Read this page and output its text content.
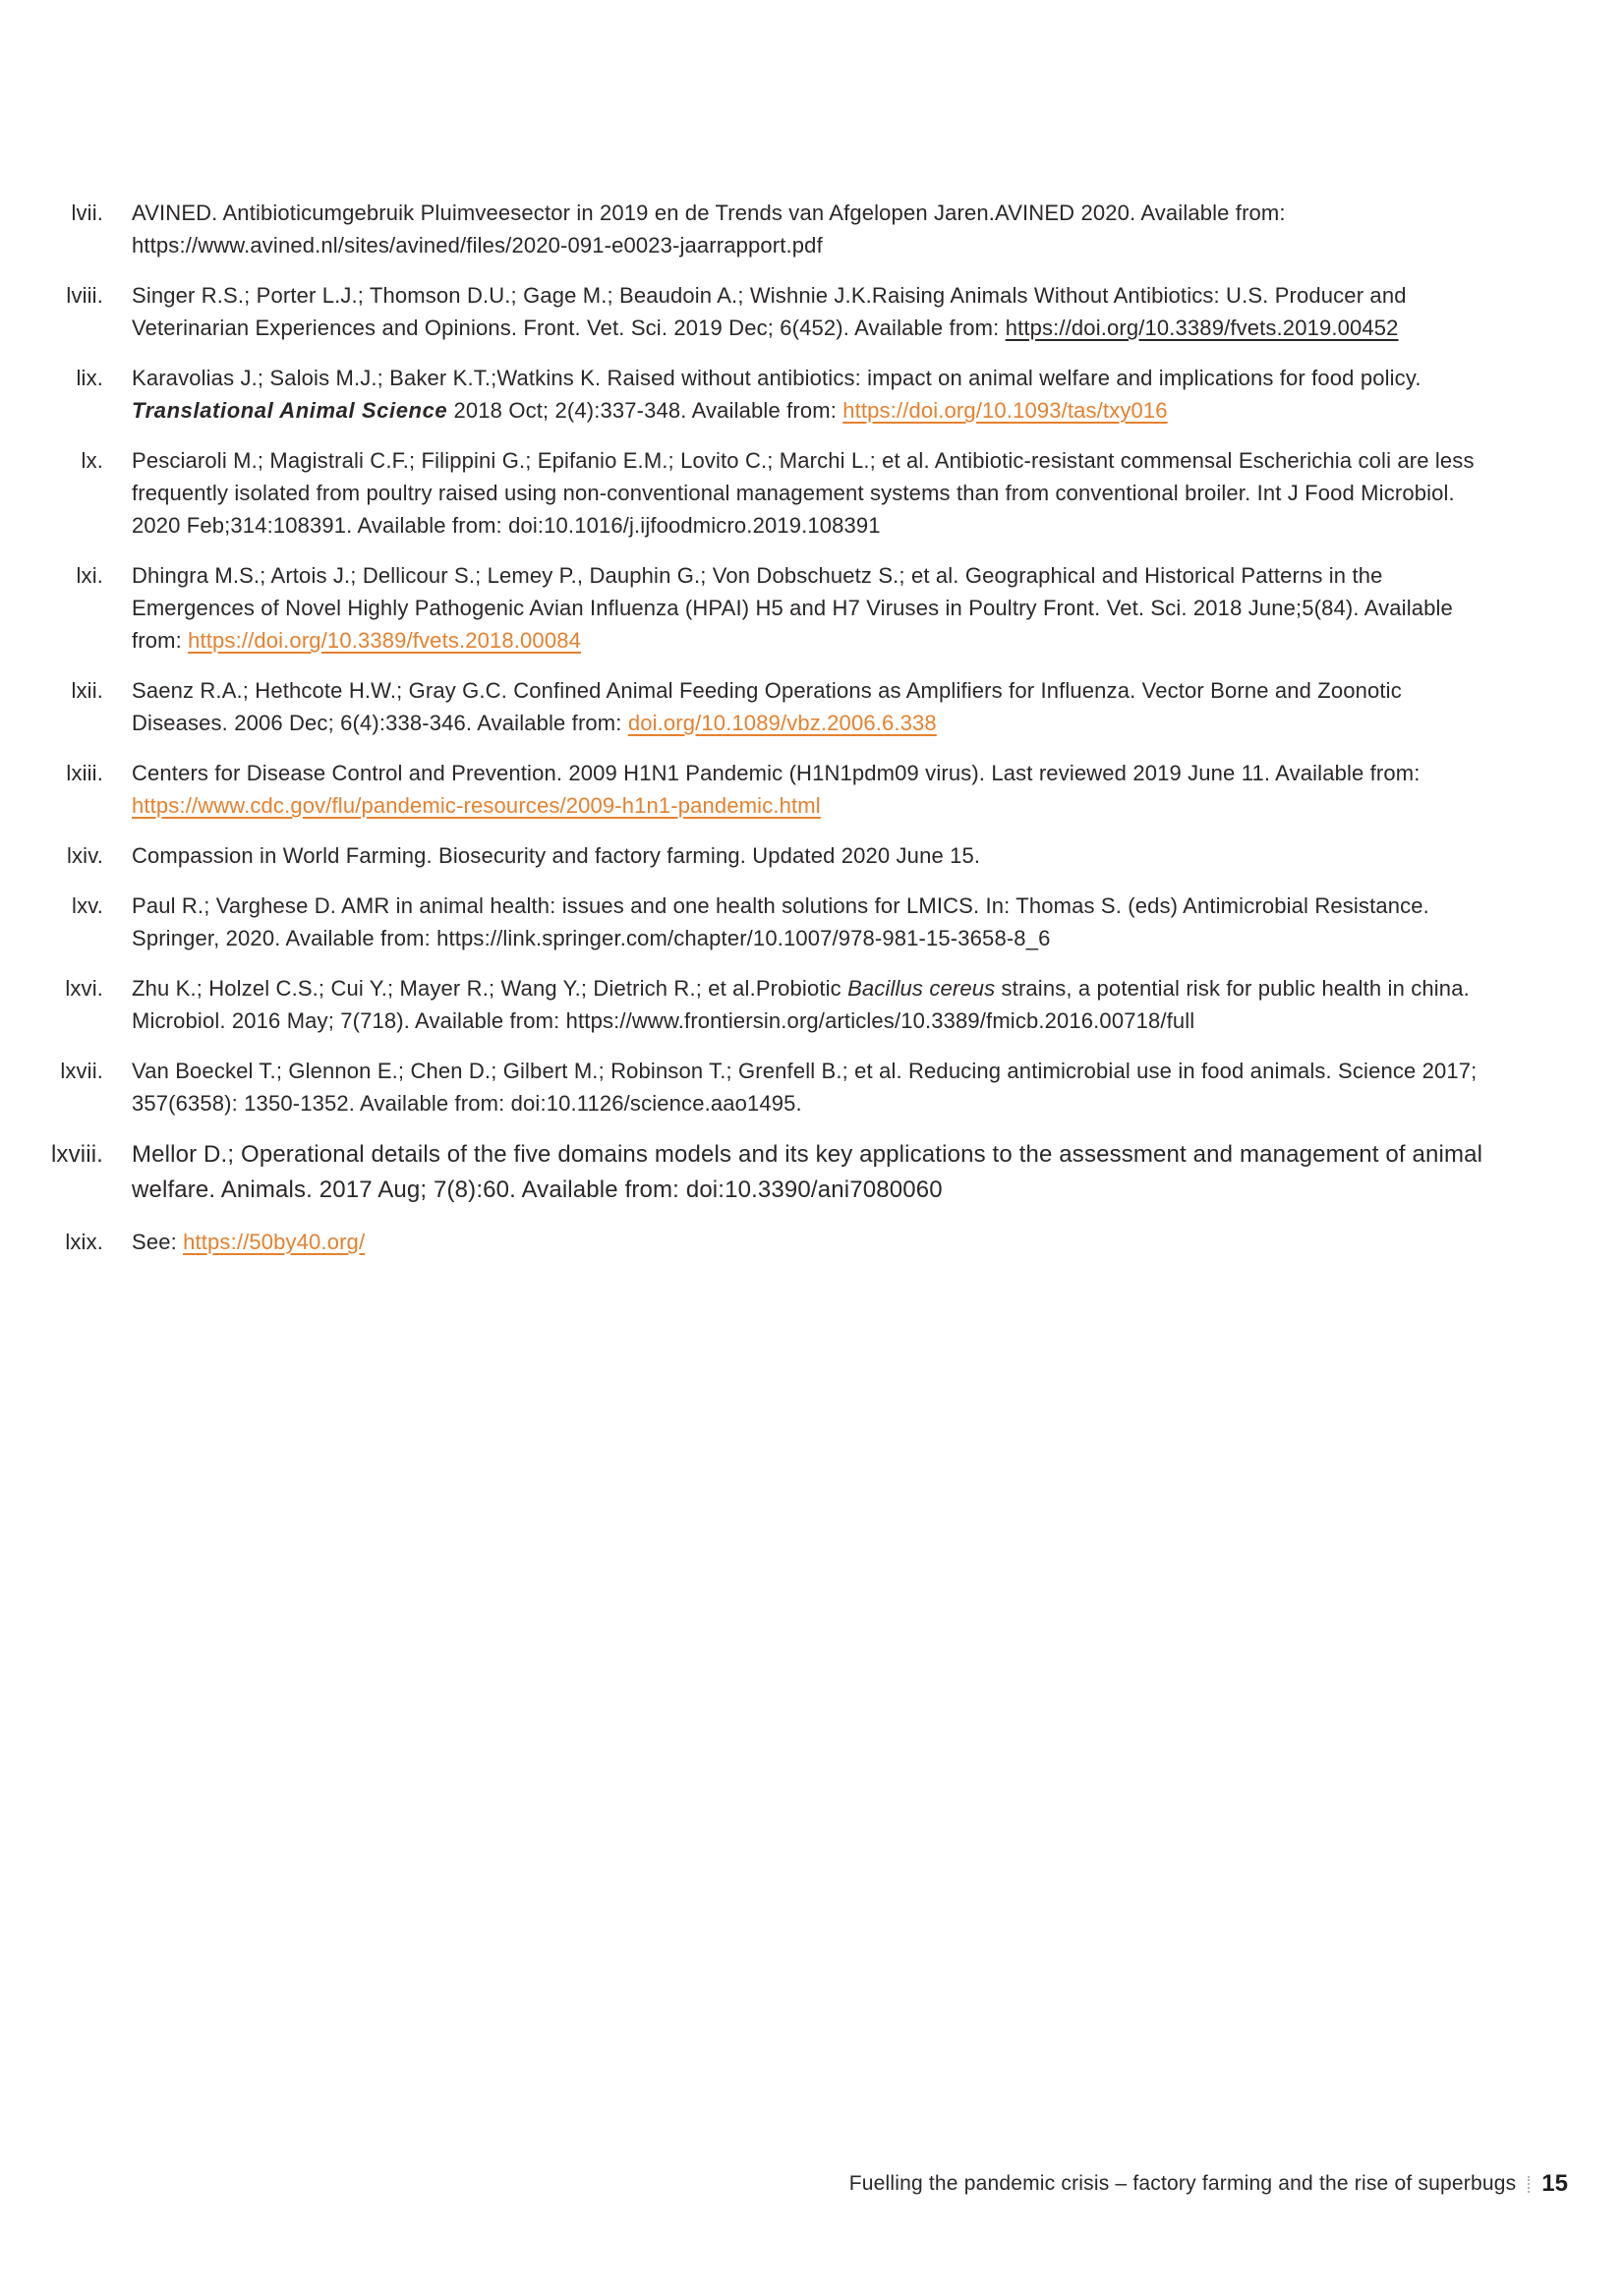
lvii. AVINED. Antibioticumgebruik Pluimveesector in 2019 en de Trends van Afgelopen Jaren.AVINED 2020. Available from: https://www.avined.nl/sites/avined/files/2020-091-e0023-jaarrapport.pdf
lviii. Singer R.S.; Porter L.J.; Thomson D.U.; Gage M.; Beaudoin A.; Wishnie J.K.Raising Animals Without Antibiotics: U.S. Producer and Veterinarian Experiences and Opinions. Front. Vet. Sci. 2019 Dec; 6(452). Available from: https://doi.org/10.3389/fvets.2019.00452
lix. Karavolias J.; Salois M.J.; Baker K.T.;Watkins K. Raised without antibiotics: impact on animal welfare and implications for food policy. Translational Animal Science 2018 Oct; 2(4):337-348. Available from: https://doi.org/10.1093/tas/txy016
lx. Pesciaroli M.; Magistrali C.F.; Filippini G.; Epifanio E.M.; Lovito C.; Marchi L.; et al. Antibiotic-resistant commensal Escherichia coli are less frequently isolated from poultry raised using non-conventional management systems than from conventional broiler. Int J Food Microbiol. 2020 Feb;314:108391. Available from: doi:10.1016/j.ijfoodmicro.2019.108391
lxi. Dhingra M.S.; Artois J.; Dellicour S.; Lemey P., Dauphin G.; Von Dobschuetz S.; et al. Geographical and Historical Patterns in the Emergences of Novel Highly Pathogenic Avian Influenza (HPAI) H5 and H7 Viruses in Poultry Front. Vet. Sci. 2018 June;5(84). Available from: https://doi.org/10.3389/fvets.2018.00084
lxii. Saenz R.A.; Hethcote H.W.; Gray G.C. Confined Animal Feeding Operations as Amplifiers for Influenza. Vector Borne and Zoonotic Diseases. 2006 Dec; 6(4):338-346. Available from: doi.org/10.1089/vbz.2006.6.338
lxiii. Centers for Disease Control and Prevention. 2009 H1N1 Pandemic (H1N1pdm09 virus). Last reviewed 2019 June 11. Available from: https://www.cdc.gov/flu/pandemic-resources/2009-h1n1-pandemic.html
lxiv. Compassion in World Farming. Biosecurity and factory farming. Updated 2020 June 15.
lxv. Paul R.; Varghese D. AMR in animal health: issues and one health solutions for LMICS. In: Thomas S. (eds) Antimicrobial Resistance. Springer, 2020. Available from: https://link.springer.com/chapter/10.1007/978-981-15-3658-8_6
lxvi. Zhu K.; Holzel C.S.; Cui Y.; Mayer R.; Wang Y.; Dietrich R.; et al.Probiotic Bacillus cereus strains, a potential risk for public health in china. Microbiol. 2016 May; 7(718). Available from: https://www.frontiersin.org/articles/10.3389/fmicb.2016.00718/full
lxvii. Van Boeckel T.; Glennon E.; Chen D.; Gilbert M.; Robinson T.; Grenfell B.; et al. Reducing antimicrobial use in food animals. Science 2017; 357(6358): 1350-1352. Available from: doi:10.1126/science.aao1495.
lxviii. Mellor D.; Operational details of the five domains models and its key applications to the assessment and management of animal welfare. Animals. 2017 Aug; 7(8):60. Available from: doi:10.3390/ani7080060
lxix. See: https://50by40.org/
Fuelling the pandemic crisis – factory farming and the rise of superbugs 15
